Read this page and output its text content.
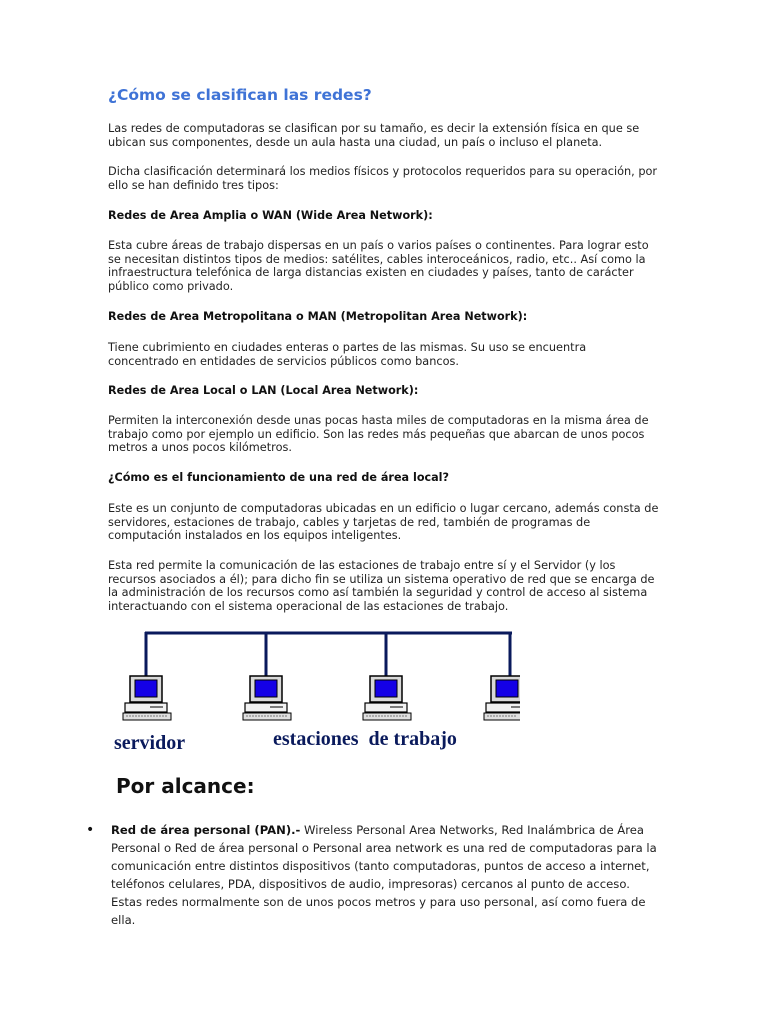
¿Cómo se clasifican las redes?

Las redes de computadoras se clasifican por su tamaño, es decir la extensión física en que se ubican sus componentes, desde un aula hasta una ciudad, un país o incluso el planeta.

Dicha clasificación determinará los medios físicos y protocolos requeridos para su operación, por ello se han definido tres tipos:

Redes de Area Amplia o WAN (Wide Area Network):

Esta cubre áreas de trabajo dispersas en un país o varios países o continentes. Para lograr esto se necesitan distintos tipos de medios: satélites, cables interoceánicos, radio, etc.. Así como la infraestructura telefónica de larga distancias existen en ciudades y países, tanto de carácter público como privado.

Redes de Area Metropolitana o MAN (Metropolitan Area Network):

Tiene cubrimiento en ciudades enteras o partes de las mismas. Su uso se encuentra concentrado en entidades de servicios públicos como bancos.

Redes de Area Local o LAN (Local Area Network):

Permiten la interconexión desde unas pocas hasta miles de computadoras en la misma área de trabajo como por ejemplo un edificio. Son las redes más pequeñas que abarcan de unos pocos metros a unos pocos kilómetros.

¿Cómo es el funcionamiento de una red de área local?

Este es un conjunto de computadoras ubicadas en un edificio o lugar cercano, además consta de servidores, estaciones de trabajo, cables y tarjetas de red, también de programas de computación instalados en los equipos inteligentes.

Esta red permite la comunicación de las estaciones de trabajo entre sí y el Servidor (y los recursos asociados a él); para dicho fin se utiliza un sistema operativo de red que se encarga de la administración de los recursos como así también la seguridad y control de acceso al sistema interactuando con el sistema operacional de las estaciones de trabajo.

servidor	estaciones  de trabajo
Por alcance:
• Red de área personal (PAN).- Wireless Personal Area Networks, Red Inalámbrica de Área Personal o Red de área personal o Personal area network es una red de computadoras para la comunicación entre distintos dispositivos (tanto computadoras, puntos de acceso a internet, teléfonos celulares, PDA, dispositivos de audio, impresoras) cercanos al punto de acceso. Estas redes normalmente son de unos pocos metros y para uso personal, así como fuera de ella.
